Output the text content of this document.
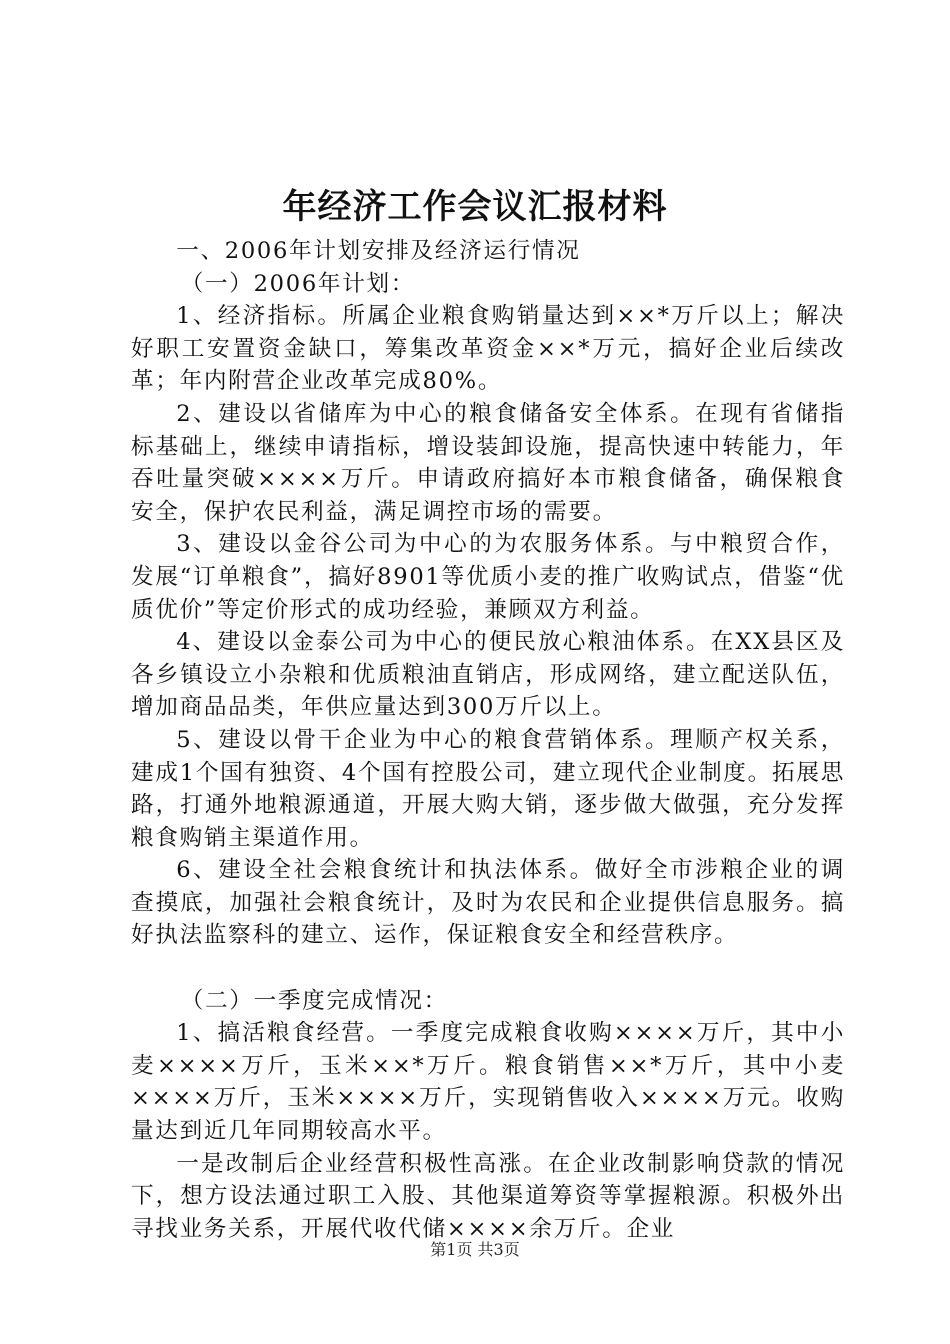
年经济工作会议汇报材料

一、2006年计划安排及经济运行情况

（一）2006年计划：

1、经济指标。所属企业粮食购销量达到××*万斤以上；解决好职工安置资金缺口，筹集改革资金××*万元，搞好企业后续改革；年内附营企业改革完成80%。

2、建设以省储库为中心的粮食储备安全体系。在现有省储指标基础上，继续申请指标，增设装卸设施，提高快速中转能力，年吞吐量突破××××万斤。申请政府搞好本市粮食储备，确保粮食安全，保护农民利益，满足调控市场的需要。

3、建设以金谷公司为中心的为农服务体系。与中粮贸合作，发展“订单粮食”，搞好8901等优质小麦的推广收购试点，借鉴“优质优价”等定价形式的成功经验，兼顾双方利益。

4、建设以金泰公司为中心的便民放心粮油体系。在XX县区及各乡镇设立小杂粮和优质粮油直销店，形成网络，建立配送队伍，增加商品品类，年供应量达到300万斤以上。

5、建设以骨干企业为中心的粮食营销体系。理顺产权关系，建成1个国有独资、4个国有控股公司，建立现代企业制度。拓展思路，打通外地粮源通道，开展大购大销，逐步做大做强，充分发挥粮食购销主渠道作用。

6、建设全社会粮食统计和执法体系。做好全市涉粮企业的调查摸底，加强社会粮食统计，及时为农民和企业提供信息服务。搞好执法监察科的建立、运作，保证粮食安全和经营秩序。

（二）一季度完成情况：

1、搞活粮食经营。一季度完成粮食收购××××万斤，其中小麦××××万斤，玉米××*万斤。粮食销售××*万斤，其中小麦××××万斤，玉米××××万斤，实现销售收入××××万元。收购量达到近几年同期较高水平。

一是改制后企业经营积极性高涨。在企业改制影响贷款的情况下，想方设法通过职工入股、其他渠道筹资等掌握粮源。积极外出寻找业务关系，开展代收代储××××余万斤。企业

第1页 共3页
